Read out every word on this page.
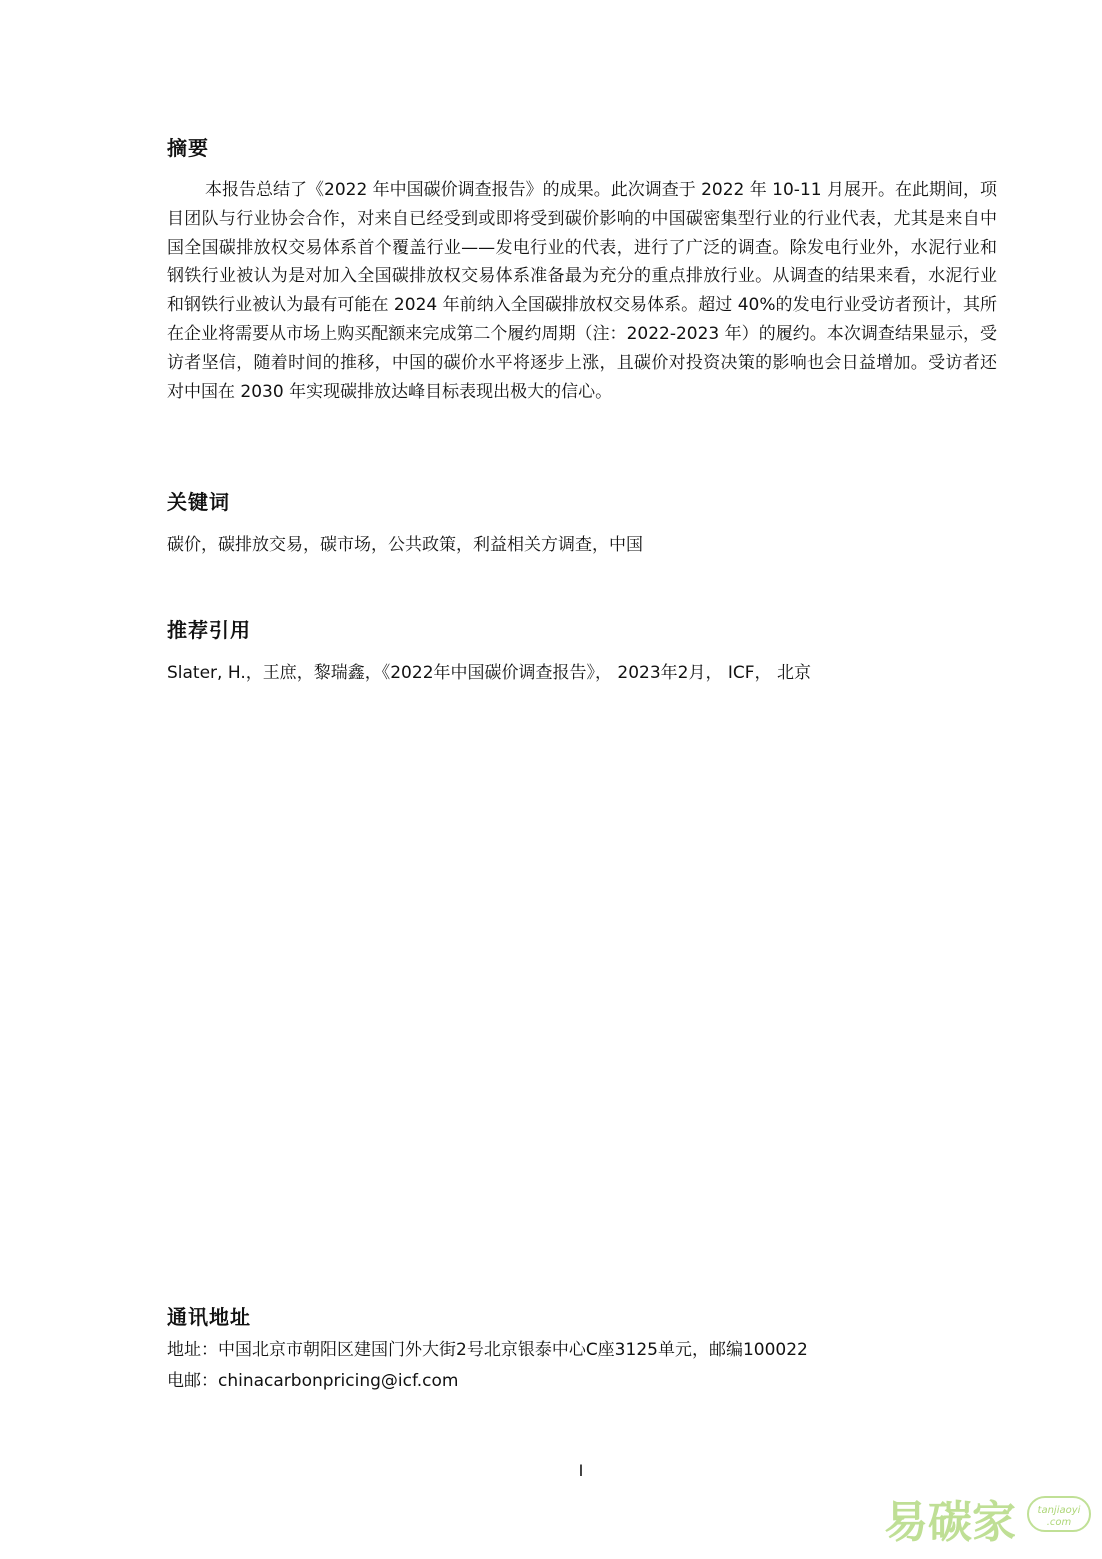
摘要

本报告总结了《2022 年中国碳价调查报告》的成果。此次调查于 2022 年 10-11 月展开。在此期间，项目团队与行业协会合作，对来自已经受到或即将受到碳价影响的中国碳密集型行业的行业代表，尤其是来自中国全国碳排放权交易体系首个覆盖行业——发电行业的代表，进行了广泛的调查。除发电行业外，水泥行业和钢铁行业被认为是对加入全国碳排放权交易体系准备最为充分的重点排放行业。从调查的结果来看，水泥行业和钢铁行业被认为最有可能在 2024 年前纳入全国碳排放权交易体系。超过 40%的发电行业受访者预计，其所在企业将需要从市场上购买配额来完成第二个履约周期（注：2022-2023 年）的履约。本次调查结果显示，受访者坚信，随着时间的推移，中国的碳价水平将逐步上涨，且碳价对投资决策的影响也会日益增加。受访者还对中国在 2030 年实现碳排放达峰目标表现出极大的信心。

关键词

碳价，碳排放交易，碳市场，公共政策，利益相关方调查，中国

推荐引用

Slater, H.，王庶，黎瑞鑫，《2022年中国碳价调查报告》， 2023年2月， ICF， 北京

通讯地址

地址：中国北京市朝阳区建国门外大街2号北京银泰中心C座3125单元，邮编100022

电邮：chinacarbonpricing@icf.com

I
易碳家 tanjiaoyi
.com
